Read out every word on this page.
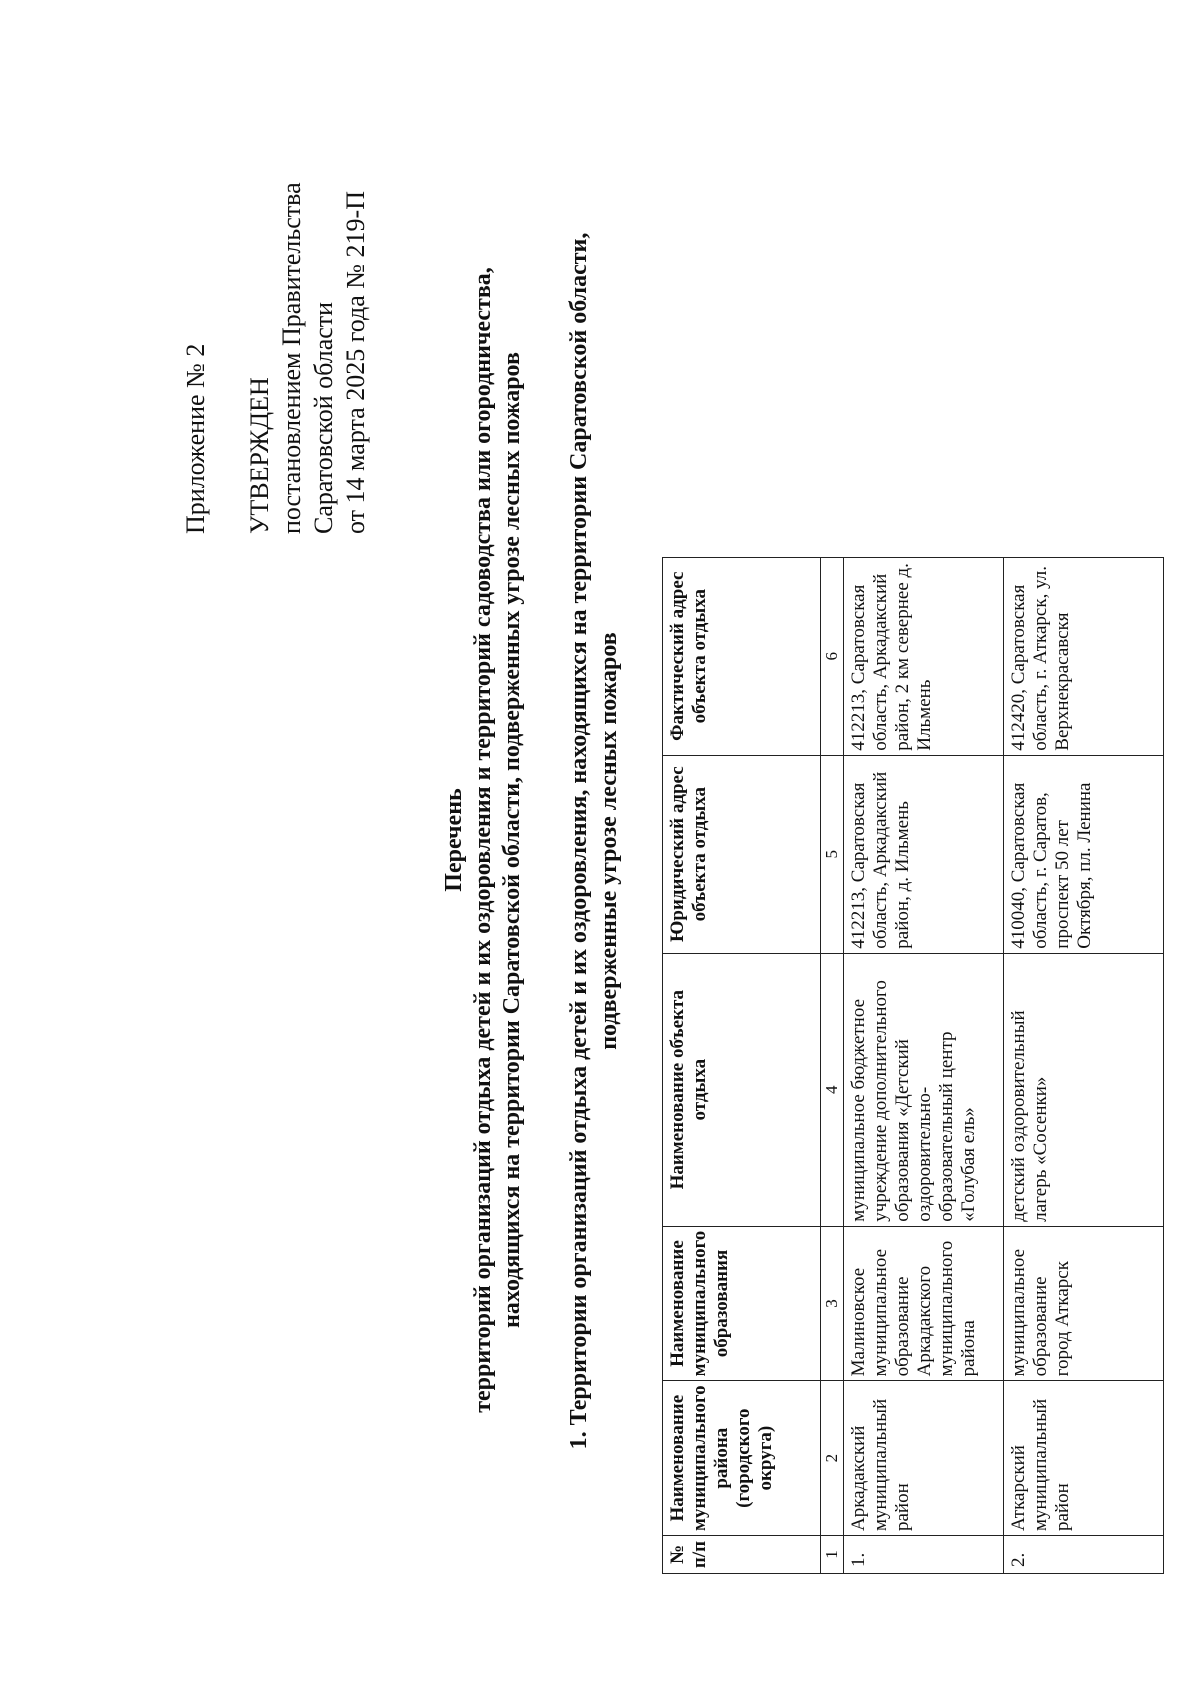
Приложение № 2 УТВЕРЖДЕН постановлением Правительства Саратовской области от 14 марта 2025 года № 219-П
Перечень территорий организаций отдыха детей и их оздоровления и территорий садоводства или огородничества, находящихся на территории Саратовской области, подверженных угрозе лесных пожаров 1. Территории организаций отдыха детей и их оздоровления, находящихся на территории Саратовской области, подверженные угрозе лесных пожаров
№ п/п	Наименование муниципального района (городского округа)	Наименование муниципального образования	Наименование объекта отдыха	Юридический адрес объекта отдыха	Фактический адрес объекта отдыха
1	2	3	4	5	6
1.	Аркадакский муниципальный район	Малиновское муниципальное образование Аркадакского муниципального района	муниципальное бюджетное учреждение дополнительного образования «Детский оздоровительно-образовательный центр «Голубая ель»	412213, Саратовская область, Аркадакский район, д. Ильмень	412213, Саратовская область, Аркадакский район, 2 км севернее д. Ильмень
2.	Аткарский муниципальный район	муниципальное образование город Аткарск	детский оздоровительный лагерь «Сосенки»	410040, Саратовская область, г. Саратов, проспект 50 лет Октября, пл. Ленина	412420, Саратовская область, г. Аткарск, ул. Верхнекрасавскя
